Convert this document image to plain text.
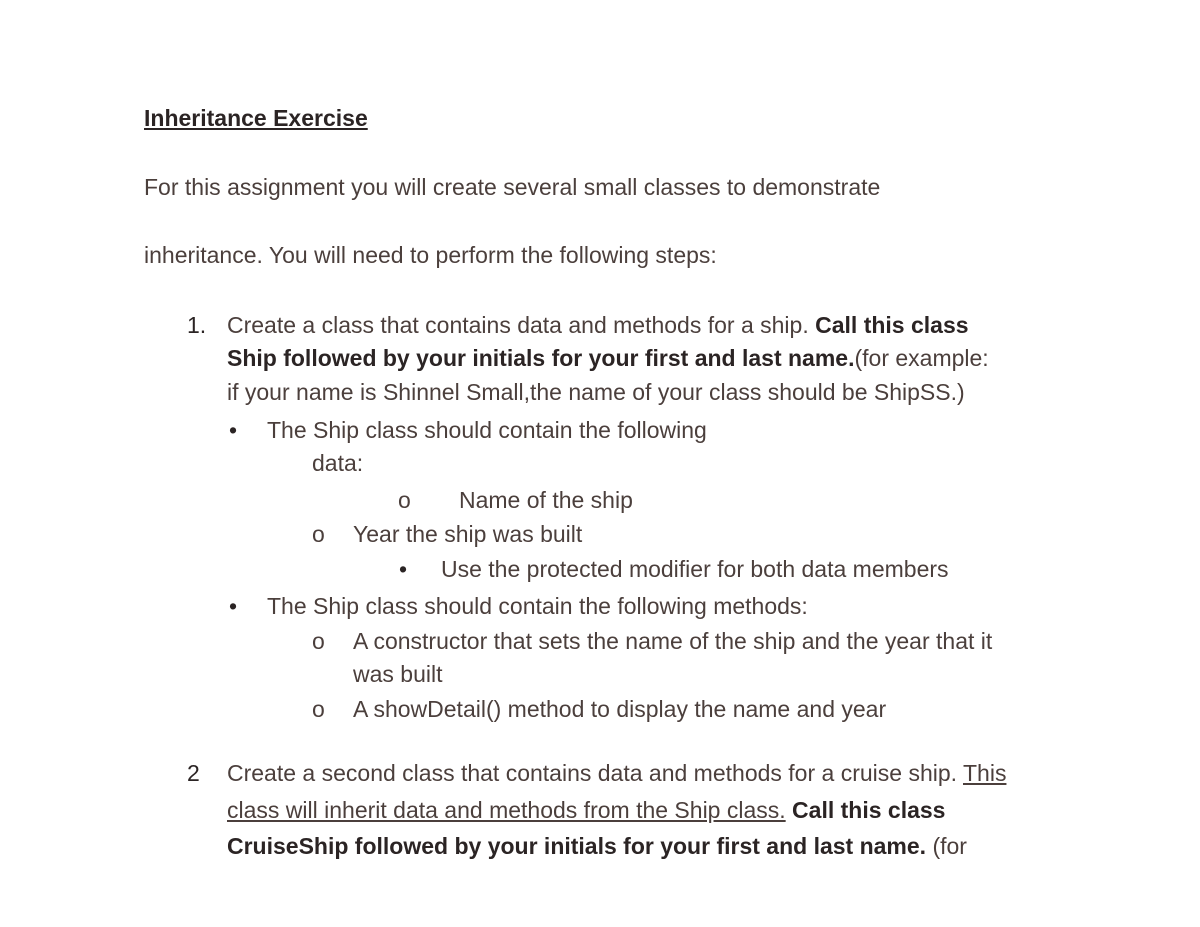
Inheritance Exercise
For this assignment you will create several small classes to demonstrate
inheritance. You will need to perform the following steps:
1. Create a class that contains data and methods for a ship. Call this class
Ship followed by your initials for your first and last name.(for example:
if your name is Shinnel Small,the name of your class should be ShipSS.)
• The Ship class should contain the following
data:
o Name of the ship
o Year the ship was built
• Use the protected modifier for both data members
• The Ship class should contain the following methods:
o A constructor that sets the name of the ship and the year that it
was built
o A showDetail() method to display the name and year
2 Create a second class that contains data and methods for a cruise ship. This
class will inherit data and methods from the Ship class. Call this class
CruiseShip followed by your initials for your first and last name. (for
